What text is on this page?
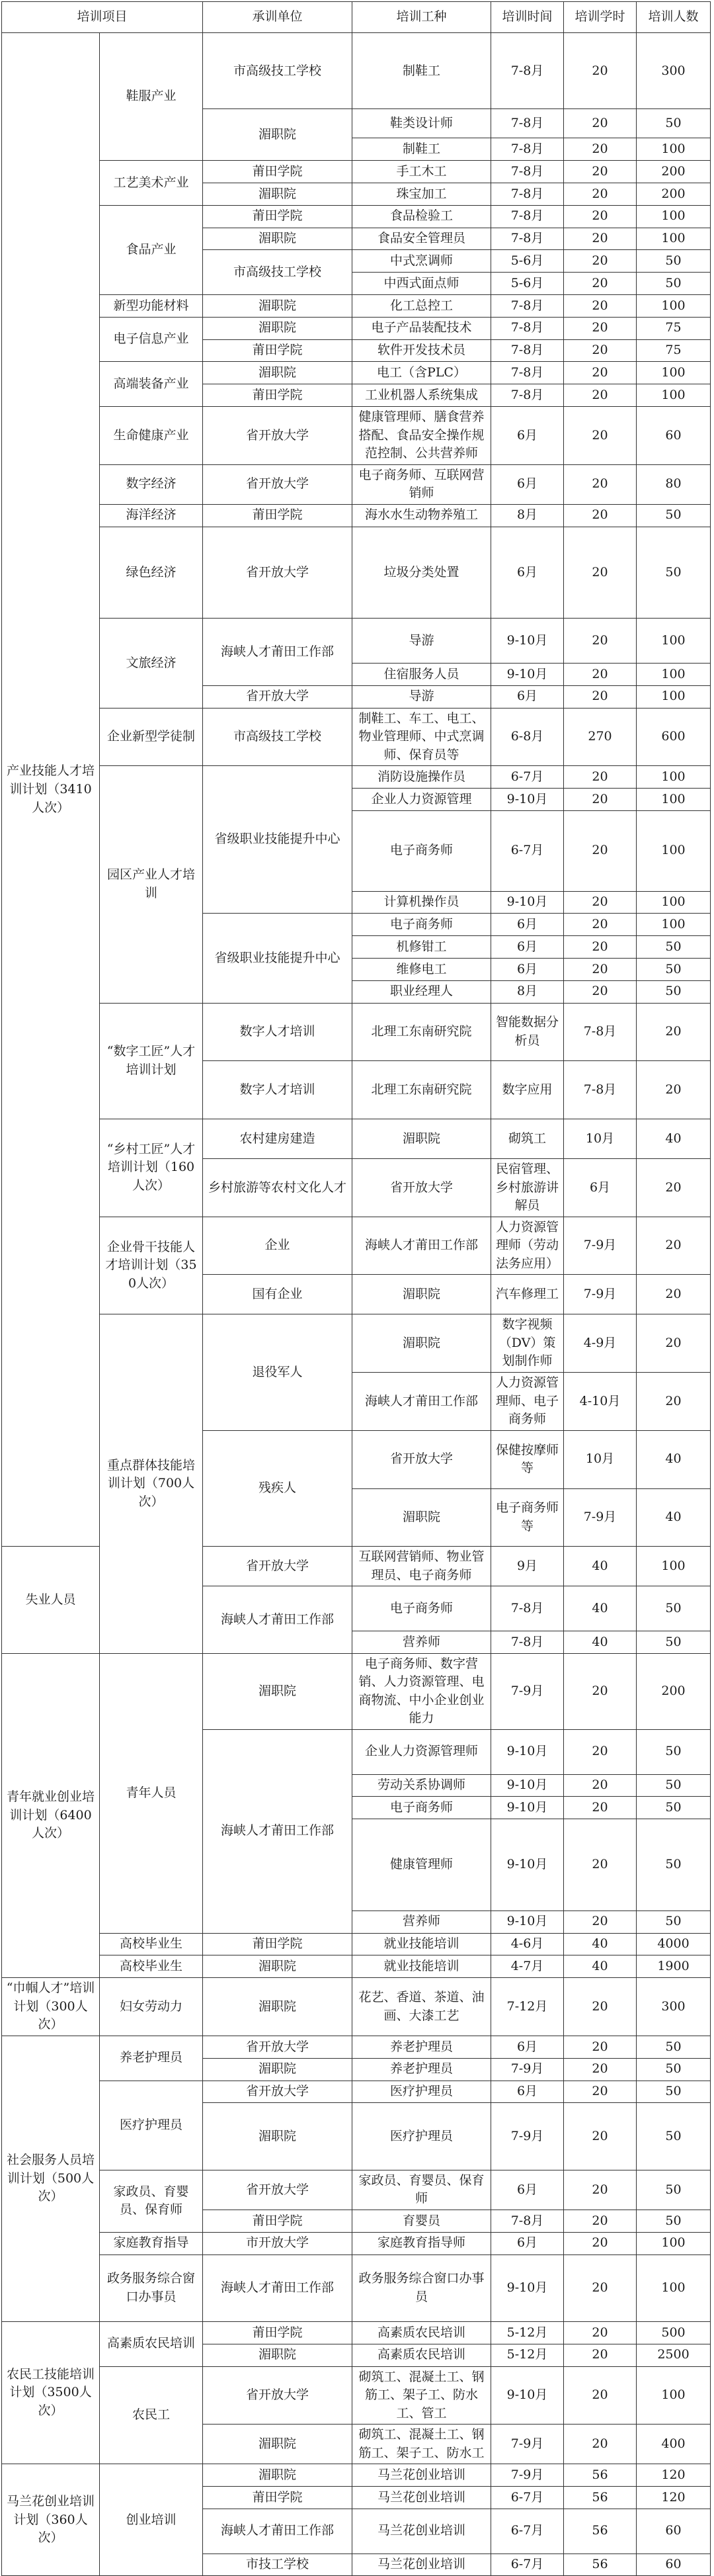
培训项目		承训单位	培训工种	培训时间	培训学时	培训人数	
产业技能人才培训计划（3410人次）	鞋服产业	市高级技工学校	制鞋工	7-8月	20	300	
		湄职院	鞋类设计师	7-8月	20	50	
			制鞋工	7-8月	20	100	
	工艺美术产业	莆田学院	手工木工	7-8月	20	200	
		湄职院	珠宝加工	7-8月	20	200	
	食品产业	莆田学院	食品检验工	7-8月	20	100	
		湄职院	食品安全管理员	7-8月	20	100	
		市高级技工学校	中式烹调师	5-6月	20	50	
			中西式面点师	5-6月	20	50	
	新型功能材料	湄职院	化工总控工	7-8月	20	100	
	电子信息产业	湄职院	电子产品装配技术	7-8月	20	75	
		莆田学院	软件开发技术员	7-8月	20	75	
	高端装备产业	湄职院	电工（含PLC）	7-8月	20	100	
		莆田学院	工业机器人系统集成	7-8月	20	100	
	生命健康产业	省开放大学	健康管理师、膳食营养搭配、食品安全操作规范控制、公共营养师	6月	20	60	
	数字经济	省开放大学	电子商务师、互联网营销师	6月	20	80	
	海洋经济	莆田学院	海水水生动物养殖工	8月	20	50	
	绿色经济	省开放大学	垃圾分类处置	6月	20	50	
	文旅经济	海峡人才莆田工作部	导游	9-10月	20	100	
			住宿服务人员	9-10月	20	100	
		省开放大学	导游	6月	20	100	
	企业新型学徒制	市高级技工学校	制鞋工、车工、电工、物业管理师、中式烹调师、保育员等	6-8月	270	600	
	园区产业人才培训	省级职业技能提升中心	消防设施操作员	6-7月	20	100	
			企业人力资源管理	9-10月	20	100	
			电子商务师	6-7月	20	100	
			计算机操作员	9-10月	20	100	
		省级职业技能提升中心	电子商务师	6月	20	100	
			机修钳工	6月	20	50	
			维修电工	6月	20	50	
			职业经理人	8月	20	50	
	“数字工匠”人才培训计划	数字人才培训	北理工东南研究院	智能数据分析员	7-8月	20	
		数字人才培训	北理工东南研究院	数字应用	7-8月	20	
	“乡村工匠”人才培训计划（160人次）	农村建房建造	湄职院	砌筑工	10月	40	
		乡村旅游等农村文化人才	省开放大学	民宿管理、乡村旅游讲解员	6月	20	
	企业骨干技能人才培训计划（350人次）	企业	海峡人才莆田工作部	人力资源管理师（劳动法务应用）	7-9月	20	
		国有企业	湄职院	汽车修理工	7-9月	20	
	重点群体技能培训计划（700人次）	退役军人	湄职院	数字视频（DV）策划制作师	4-9月	20	
			海峡人才莆田工作部	人力资源管理师、电子商务师	4-10月	20	
		残疾人	省开放大学	保健按摩师等	10月	40	
			湄职院	电子商务师等	7-9月	40	
失业人员		省开放大学	互联网营销师、物业管理员、电子商务师	9月	40	100	
		海峡人才莆田工作部	电子商务师	7-8月	40	50	
			营养师	7-8月	40	50	
青年就业创业培训计划（6400人次）	青年人员	湄职院	电子商务师、数字营销、人力资源管理、电商物流、中小企业创业能力	7-9月	20	200	
		海峡人才莆田工作部	企业人力资源管理师	9-10月	20	50	
			劳动关系协调师	9-10月	20	50	
			电子商务师	9-10月	20	50	
			健康管理师	9-10月	20	50	
			营养师	9-10月	20	50	
	高校毕业生	莆田学院	就业技能培训	4-6月	40	4000	
	高校毕业生	湄职院	就业技能培训	4-7月	40	1900	
“巾帼人才”培训计划（300人次）	妇女劳动力	湄职院	花艺、香道、茶道、油画、大漆工艺	7-12月	20	300	
社会服务人员培训计划（500人次）	养老护理员	省开放大学	养老护理员	6月	20	50	
		湄职院	养老护理员	7-9月	20	50	
	医疗护理员	省开放大学	医疗护理员	6月	20	50	
		湄职院	医疗护理员	7-9月	20	50	
	家政员、育婴员、保育师	省开放大学	家政员、育婴员、保育师	6月	20	50	
		莆田学院	育婴员	7-8月	20	50	
	家庭教育指导	市开放大学	家庭教育指导师	6月	20	100	
	政务服务综合窗口办事员	海峡人才莆田工作部	政务服务综合窗口办事员	9-10月	20	100	

农民工技能培训计划（3500人次）	高素质农民培训	莆田学院	高素质农民培训	5-12月	20	500	
		湄职院	高素质农民培训	5-12月	20	2500	
	农民工	省开放大学	砌筑工、混凝土工、钢筋工、架子工、防水工、管工	9-10月	20	100	
		湄职院	砌筑工、混凝土工、钢筋工、架子工、防水工	7-9月	20	400	
马兰花创业培训计划（360人次）	创业培训	湄职院	马兰花创业培训	7-9月	56	120	
		莆田学院	马兰花创业培训	6-7月	56	120	
		海峡人才莆田工作部	马兰花创业培训	6-7月	56	60	
		市技工学校	马兰花创业培训	6-7月	56	60	
